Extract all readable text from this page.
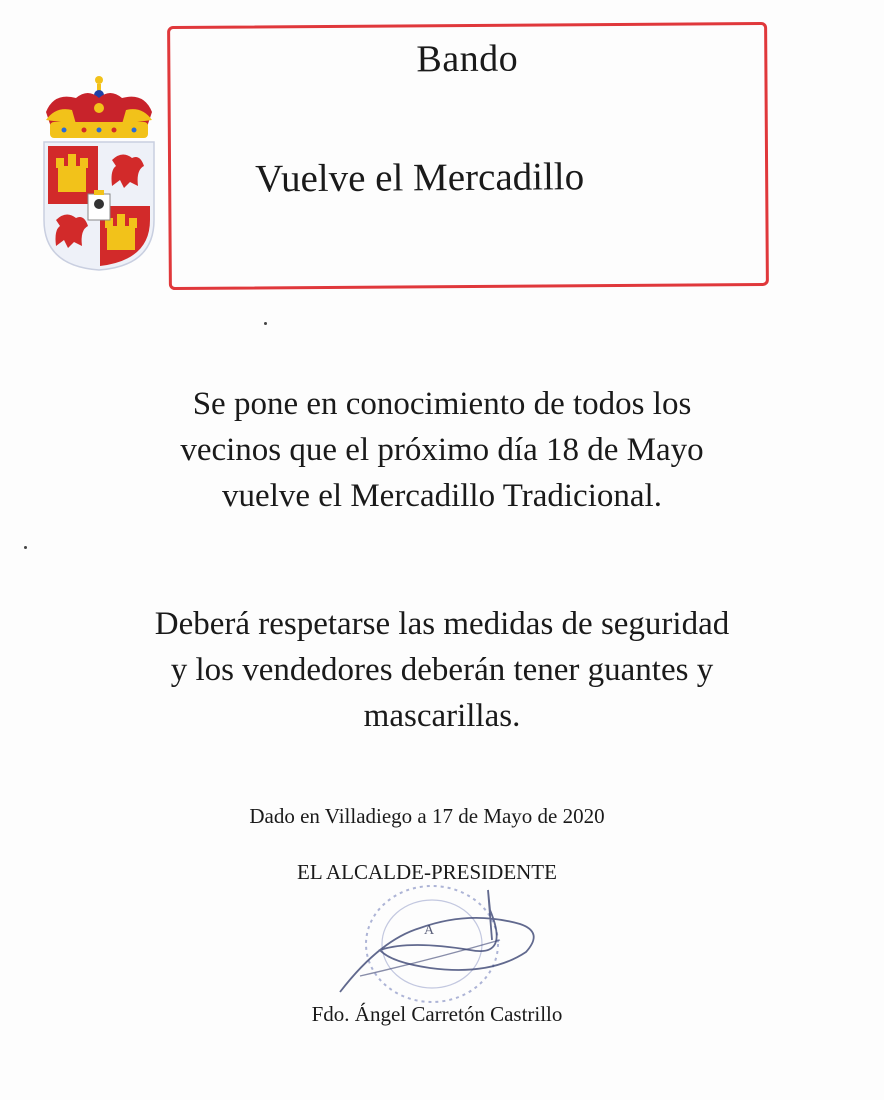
Bando
Vuelve el Mercadillo
Se pone en conocimiento de todos los
vecinos que el próximo día 18 de Mayo
vuelve el Mercadillo Tradicional.
Deberá respetarse las medidas de seguridad
y los vendedores deberán tener guantes y
mascarillas.
Dado en Villadiego a 17 de Mayo de 2020
EL ALCALDE-PRESIDENTE
A
Fdo. Ángel Carretón Castrillo
